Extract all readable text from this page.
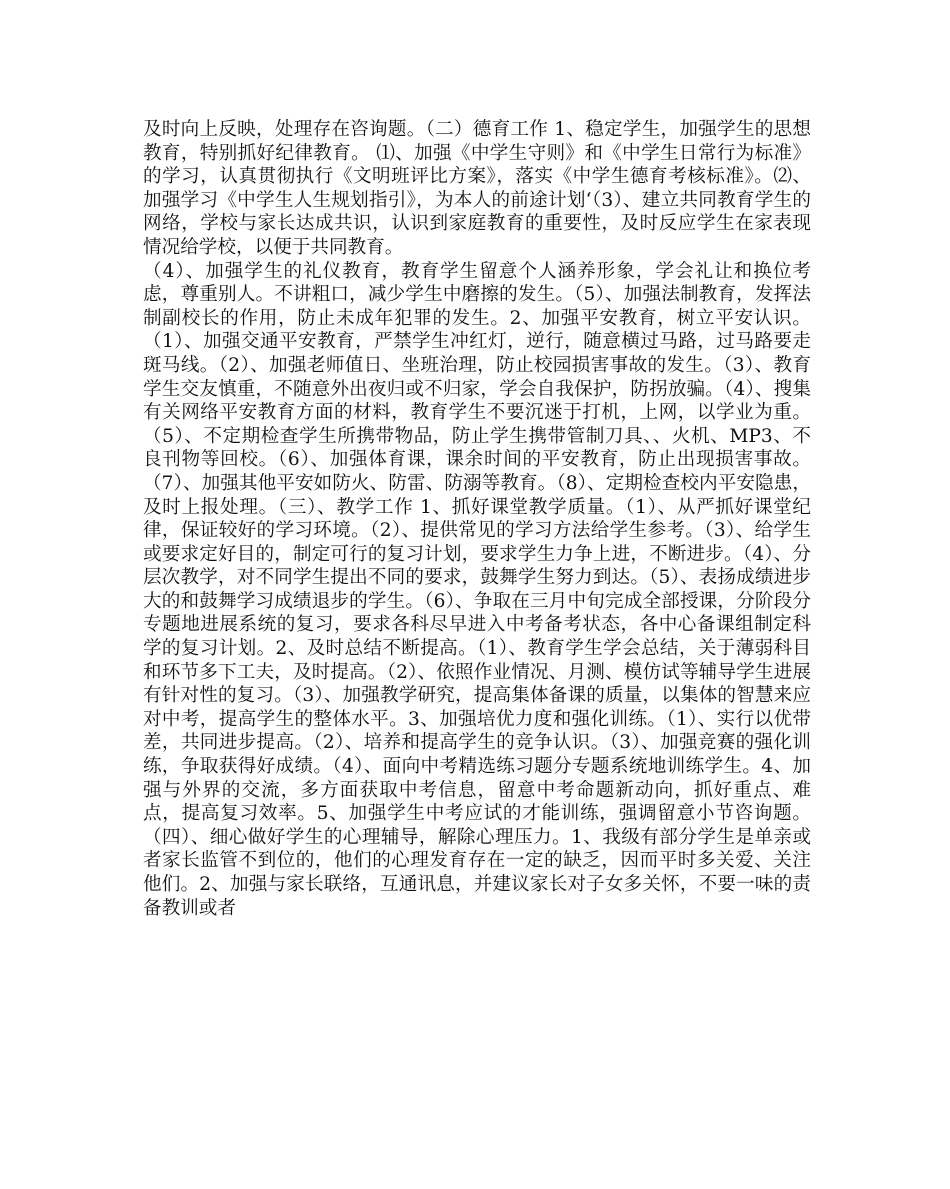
及时向上反映，处理存在咨询题。（二）德育工作 1、稳定学生，加强学生的思想教育，特别抓好纪律教育。 ⑴、加强《中学生守则》和《中学生日常行为标准》的学习，认真贯彻执行《文明班评比方案》，落实《中学生德育考核标准》。⑵、加强学习《中学生人生规划指引》，为本人的前途计划‘（3）、建立共同教育学生的网络，学校与家长达成共识，认识到家庭教育的重要性，及时反应学生在家表现情况给学校，以便于共同教育。

（4）、加强学生的礼仪教育，教育学生留意个人涵养形象，学会礼让和换位考虑，尊重别人。不讲粗口，减少学生中磨擦的发生。（5）、加强法制教育，发挥法制副校长的作用，防止未成年犯罪的发生。2、加强平安教育，树立平安认识。（1）、加强交通平安教育，严禁学生冲红灯，逆行，随意横过马路，过马路要走斑马线。（2）、加强老师值日、坐班治理，防止校园损害事故的发生。（3）、教育学生交友慎重，不随意外出夜归或不归家，学会自我保护，防拐放骗。（4）、搜集有关网络平安教育方面的材料，教育学生不要沉迷于打机，上网，以学业为重。（5）、不定期检查学生所携带物品，防止学生携带管制刀具、、火机、MP3、不良刊物等回校。（6）、加强体育课，课余时间的平安教育，防止出现损害事故。（7）、加强其他平安如防火、防雷、防溺等教育。（8）、定期检查校内平安隐患，及时上报处理。（三）、教学工作 1、抓好课堂教学质量。（1）、从严抓好课堂纪律，保证较好的学习环境。（2）、提供常见的学习方法给学生参考。（3）、给学生或要求定好目的，制定可行的复习计划，要求学生力争上进，不断进步。（4）、分层次教学，对不同学生提出不同的要求，鼓舞学生努力到达。（5）、表扬成绩进步大的和鼓舞学习成绩退步的学生。（6）、争取在三月中旬完成全部授课，分阶段分专题地进展系统的复习，要求各科尽早进入中考备考状态，各中心备课组制定科学的复习计划。2、及时总结不断提高。（1）、教育学生学会总结，关于薄弱科目和环节多下工夫，及时提高。（2）、依照作业情况、月测、模仿试等辅导学生进展有针对性的复习。（3）、加强教学研究，提高集体备课的质量，以集体的智慧来应对中考，提高学生的整体水平。3、加强培优力度和强化训练。（1）、实行以优带差，共同进步提高。（2）、培养和提高学生的竞争认识。（3）、加强竞赛的强化训练，争取获得好成绩。（4）、面向中考精选练习题分专题系统地训练学生。4、加强与外界的交流，多方面获取中考信息，留意中考命题新动向，抓好重点、难点，提高复习效率。5、加强学生中考应试的才能训练，强调留意小节咨询题。（四）、细心做好学生的心理辅导，解除心理压力。1、我级有部分学生是单亲或者家长监管不到位的，他们的心理发育存在一定的缺乏，因而平时多关爱、关注他们。2、加强与家长联络，互通讯息，并建议家长对子女多关怀，不要一味的责备教训或者
